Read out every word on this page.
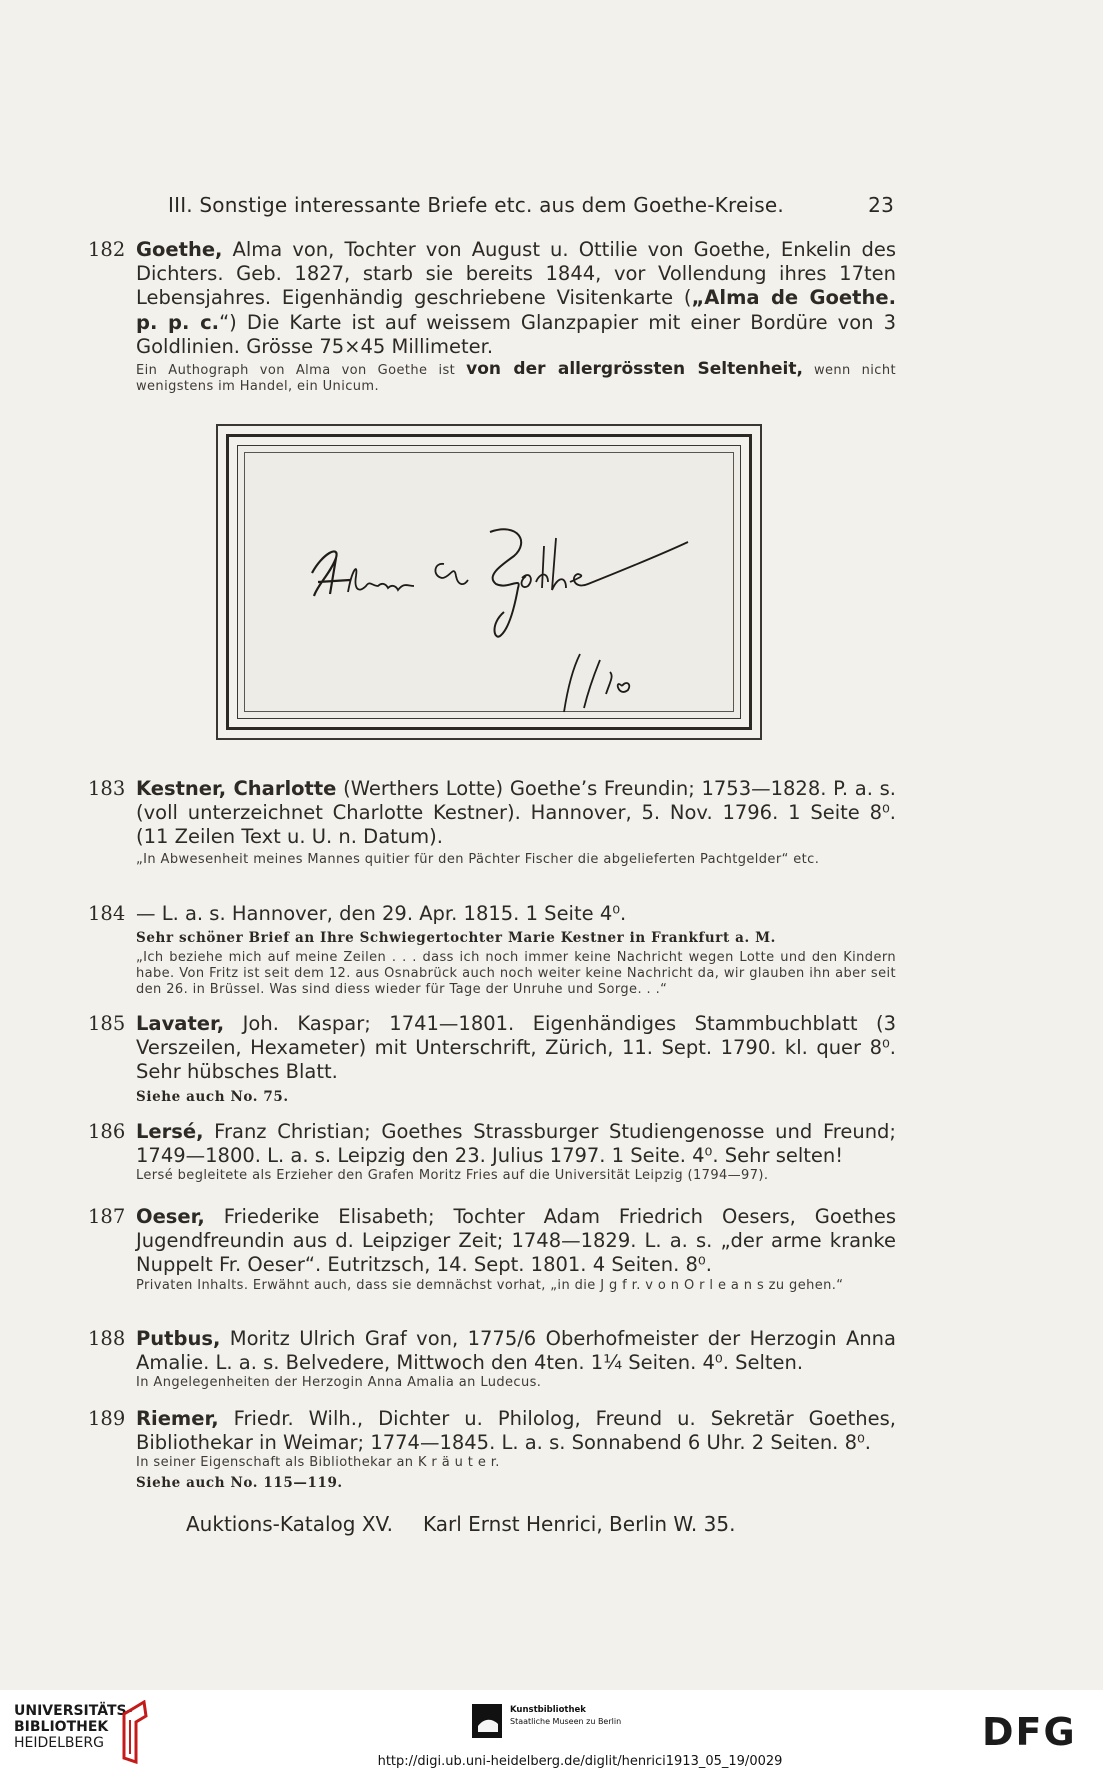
III. Sonstige interessante Briefe etc. aus dem Goethe-Kreise.	23
182 Goethe, Alma von, Tochter von August u. Ottilie von Goethe, Enkelin des Dichters. Geb. 1827, starb sie bereits 1844, vor Vollendung ihres 17ten Lebensjahres. Eigenhändig geschriebene Visitenkarte („Alma de Goethe. p. p. c.“) Die Karte ist auf weissem Glanzpapier mit einer Bordüre von 3 Goldlinien. Grösse 75×45 Millimeter.
Ein Authograph von Alma von Goethe ist von der allergrössten Seltenheit, wenn nicht wenigstens im Handel, ein Unicum.
183 Kestner, Charlotte (Werthers Lotte) Goethe’s Freundin; 1753—1828. P. a. s. (voll unterzeichnet Charlotte Kestner). Hannover, 5. Nov. 1796. 1 Seite 8⁰. (11 Zeilen Text u. U. n. Datum).
„In Abwesenheit meines Mannes quitier für den Pächter Fischer die abgelieferten Pachtgelder“ etc.
184 — L. a. s. Hannover, den 29. Apr. 1815. 1 Seite 4⁰.
Sehr schöner Brief an Ihre Schwiegertochter Marie Kestner in Frankfurt a. M.
„Ich beziehe mich auf meine Zeilen . . . dass ich noch immer keine Nachricht wegen Lotte und den Kindern habe. Von Fritz ist seit dem 12. aus Osnabrück auch noch weiter keine Nachricht da, wir glauben ihn aber seit den 26. in Brüssel. Was sind diess wieder für Tage der Unruhe und Sorge. . .“
185 Lavater, Joh. Kaspar; 1741—1801. Eigenhändiges Stammbuchblatt (3 Verszeilen, Hexameter) mit Unterschrift, Zürich, 11. Sept. 1790. kl. quer 8⁰. Sehr hübsches Blatt.
Siehe auch No. 75.
186 Lersé, Franz Christian; Goethes Strassburger Studiengenosse und Freund; 1749—1800. L. a. s. Leipzig den 23. Julius 1797. 1 Seite. 4⁰. Sehr selten!
Lersé begleitete als Erzieher den Grafen Moritz Fries auf die Universität Leipzig (1794—97).
187 Oeser, Friederike Elisabeth; Tochter Adam Friedrich Oesers, Goethes Jugendfreundin aus d. Leipziger Zeit; 1748—1829. L. a. s. „der arme kranke Nuppelt Fr. Oeser“. Eutritzsch, 14. Sept. 1801. 4 Seiten. 8⁰.
Privaten Inhalts. Erwähnt auch, dass sie demnächst vorhat, „in die J g f r. v o n O r l e a n s zu gehen.“
188 Putbus, Moritz Ulrich Graf von, 1775/6 Oberhofmeister der Herzogin Anna Amalie. L. a. s. Belvedere, Mittwoch den 4ten. 1¼ Seiten. 4⁰. Selten.
In Angelegenheiten der Herzogin Anna Amalia an Ludecus.
189 Riemer, Friedr. Wilh., Dichter u. Philolog, Freund u. Sekretär Goethes, Bibliothekar in Weimar; 1774—1845. L. a. s. Sonnabend 6 Uhr. 2 Seiten. 8⁰.
In seiner Eigenschaft als Bibliothekar an K r ä u t e r.
Siehe auch No. 115—119.
Auktions-Katalog XV. Karl Ernst Henrici, Berlin W. 35.
UNIVERSITÄTS-
BIBLIOTHEK
HEIDELBERG
Kunstbibliothek
Staatliche Museen zu Berlin	DFG
http://digi.ub.uni-heidelberg.de/diglit/henrici1913_05_19/0029
